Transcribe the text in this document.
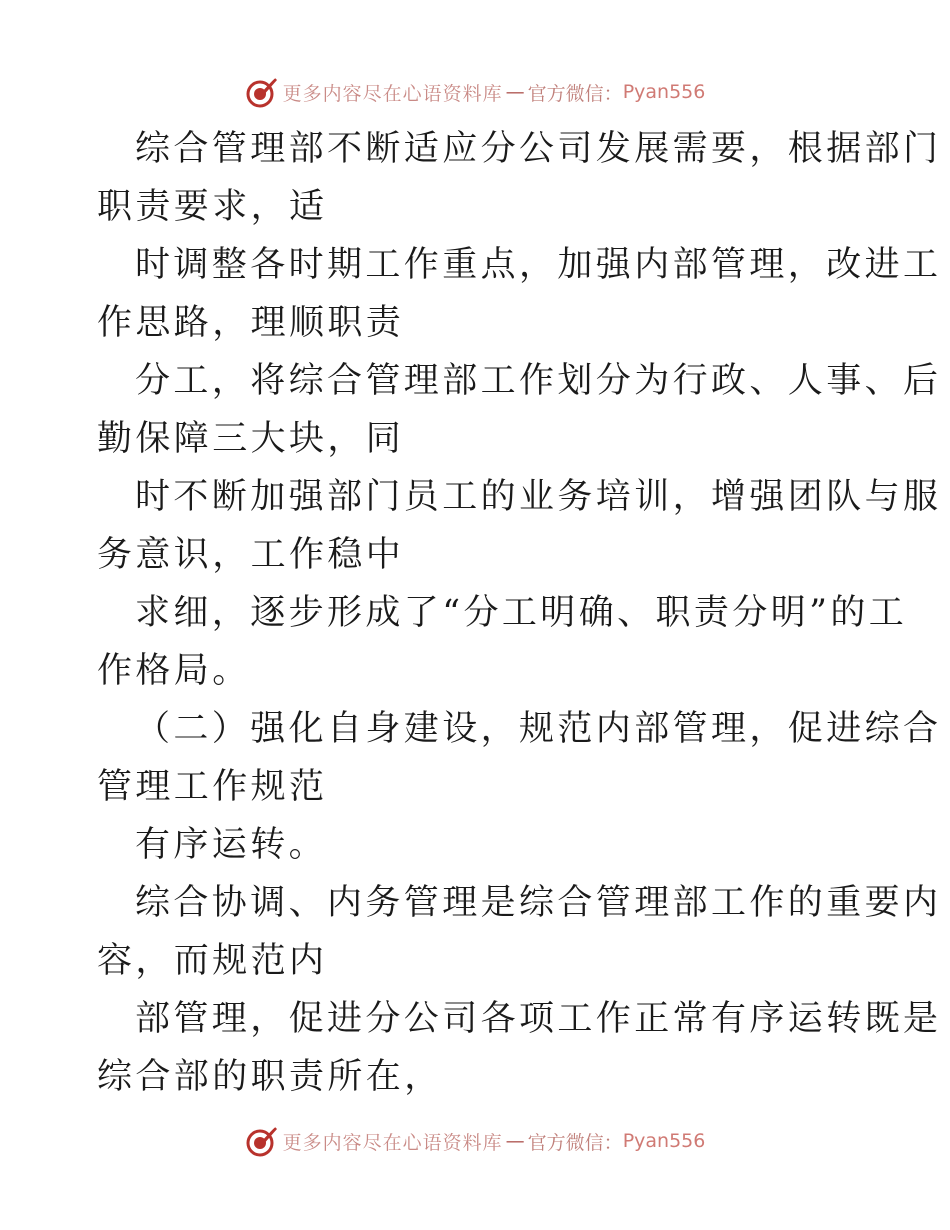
更多内容尽在心语资料库 — 官方微信： Pyan556
综合管理部不断适应分公司发展需要，根据部门
职责要求，适
时调整各时期工作重点，加强内部管理，改进工
作思路，理顺职责
分工，将综合管理部工作划分为行政、人事、后
勤保障三大块，同
时不断加强部门员工的业务培训，增强团队与服
务意识，工作稳中
求细，逐步形成了“分工明确、职责分明”的工
作格局。
（二）强化自身建设，规范内部管理，促进综合
管理工作规范
有序运转。
综合协调、内务管理是综合管理部工作的重要内
容，而规范内
部管理，促进分公司各项工作正常有序运转既是
综合部的职责所在，
更多内容尽在心语资料库 — 官方微信： Pyan556
